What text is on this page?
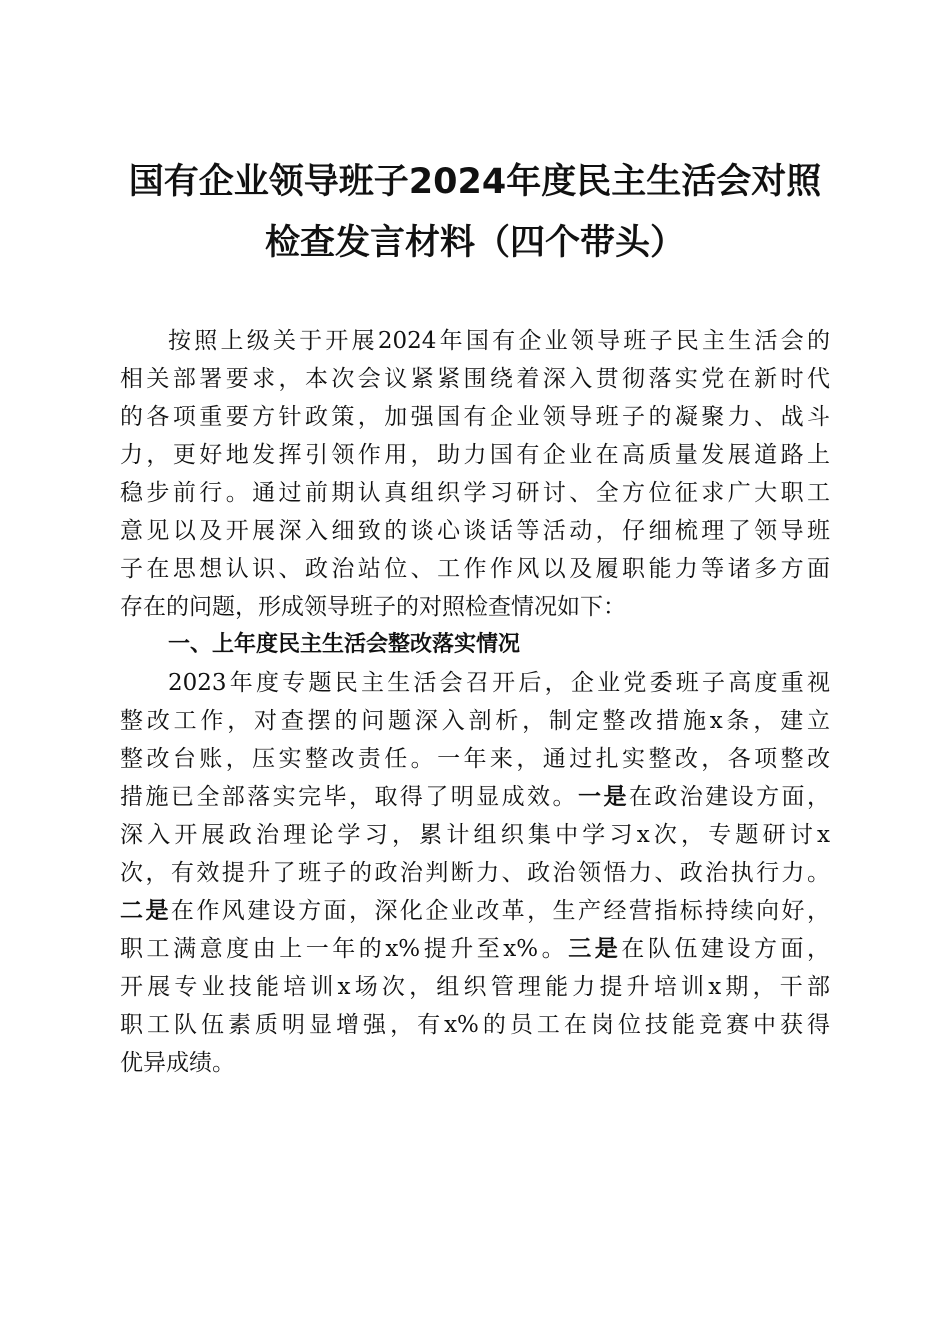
国有企业领导班子2024年度民主生活会对照
检查发言材料（四个带头）
按照上级关于开展2024年国有企业领导班子民主生活会的
相关部署要求，本次会议紧紧围绕着深入贯彻落实党在新时代
的各项重要方针政策，加强国有企业领导班子的凝聚力、战斗
力，更好地发挥引领作用，助力国有企业在高质量发展道路上
稳步前行。通过前期认真组织学习研讨、全方位征求广大职工
意见以及开展深入细致的谈心谈话等活动，仔细梳理了领导班
子在思想认识、政治站位、工作作风以及履职能力等诸多方面
存在的问题，形成领导班子的对照检查情况如下：
一、上年度民主生活会整改落实情况
2023年度专题民主生活会召开后，企业党委班子高度重视
整改工作，对查摆的问题深入剖析，制定整改措施x条，建立
整改台账，压实整改责任。一年来，通过扎实整改，各项整改
措施已全部落实完毕，取得了明显成效。一是在政治建设方面，
深入开展政治理论学习，累计组织集中学习x次，专题研讨x
次，有效提升了班子的政治判断力、政治领悟力、政治执行力。
二是在作风建设方面，深化企业改革，生产经营指标持续向好，
职工满意度由上一年的x%提升至x%。三是在队伍建设方面，
开展专业技能培训x场次，组织管理能力提升培训x期，干部
职工队伍素质明显增强，有x%的员工在岗位技能竞赛中获得
优异成绩。
